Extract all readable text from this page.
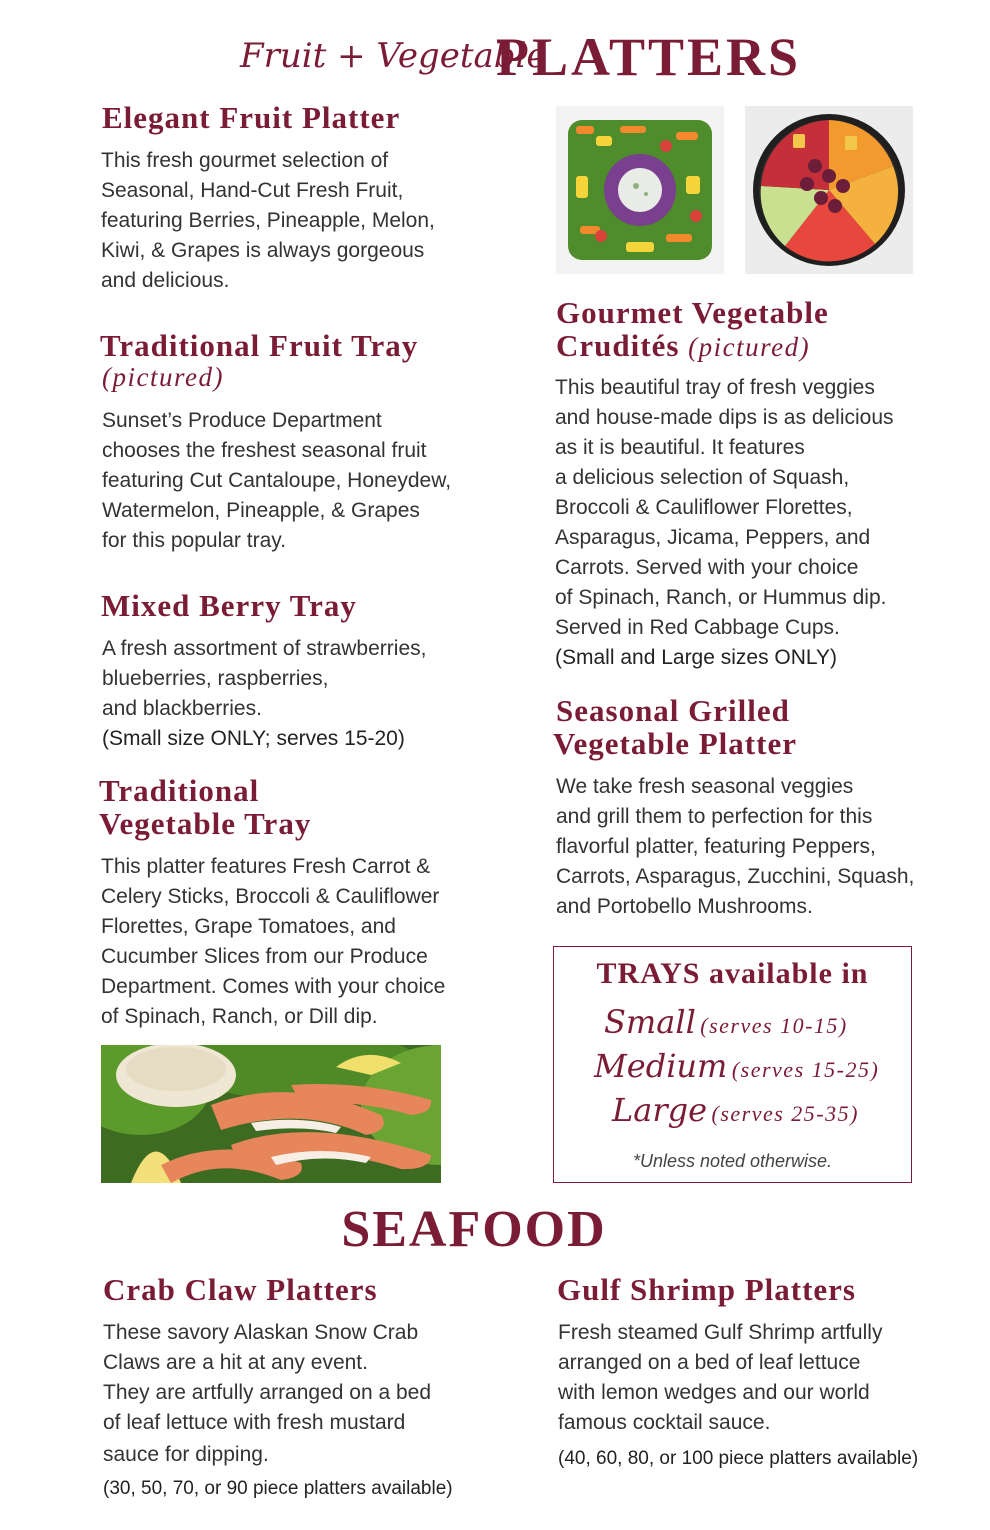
Fruit + Vegetable
PLATTERS
Elegant Fruit Platter
This fresh gourmet selection of
Seasonal, Hand-Cut Fresh Fruit,
featuring Berries, Pineapple, Melon,
Kiwi, & Grapes is always gorgeous
and delicious.
Traditional Fruit Tray
(pictured)
Sunset’s Produce Department
chooses the freshest seasonal fruit
featuring Cut Cantaloupe, Honeydew,
Watermelon, Pineapple, & Grapes
for this popular tray.
Mixed Berry Tray
A fresh assortment of strawberries,
blueberries, raspberries,
and blackberries.
(Small size ONLY; serves 15-20)
Traditional
Vegetable Tray
This platter features Fresh Carrot &
Celery Sticks, Broccoli & Cauliflower
Florettes, Grape Tomatoes, and
Cucumber Slices from our Produce
Department. Comes with your choice
of Spinach, Ranch, or Dill dip.
Gourmet Vegetable
Crudités (pictured)
This beautiful tray of fresh veggies
and house-made dips is as delicious
as it is beautiful. It features
a delicious selection of Squash,
Broccoli & Cauliflower Florettes,
Asparagus, Jicama, Peppers, and
Carrots. Served with your choice
of Spinach, Ranch, or Hummus dip.
Served in Red Cabbage Cups.
(Small and Large sizes ONLY)
Seasonal Grilled
Vegetable Platter
We take fresh seasonal veggies
and grill them to perfection for this
flavorful platter, featuring Peppers,
Carrots, Asparagus, Zucchini, Squash,
and Portobello Mushrooms.
TRAYS available in
Small (serves 10-15)
Medium (serves 15-25)
Large (serves 25-35)
*Unless noted otherwise.
SEAFOOD
Crab Claw Platters
These savory Alaskan Snow Crab
Claws are a hit at any event.
They are artfully arranged on a bed
of leaf lettuce with fresh mustard
sauce for dipping.
(30, 50, 70, or 90 piece platters available)
Gulf Shrimp Platters
Fresh steamed Gulf Shrimp artfully
arranged on a bed of leaf lettuce
with lemon wedges and our world
famous cocktail sauce.
(40, 60, 80, or 100 piece platters available)
